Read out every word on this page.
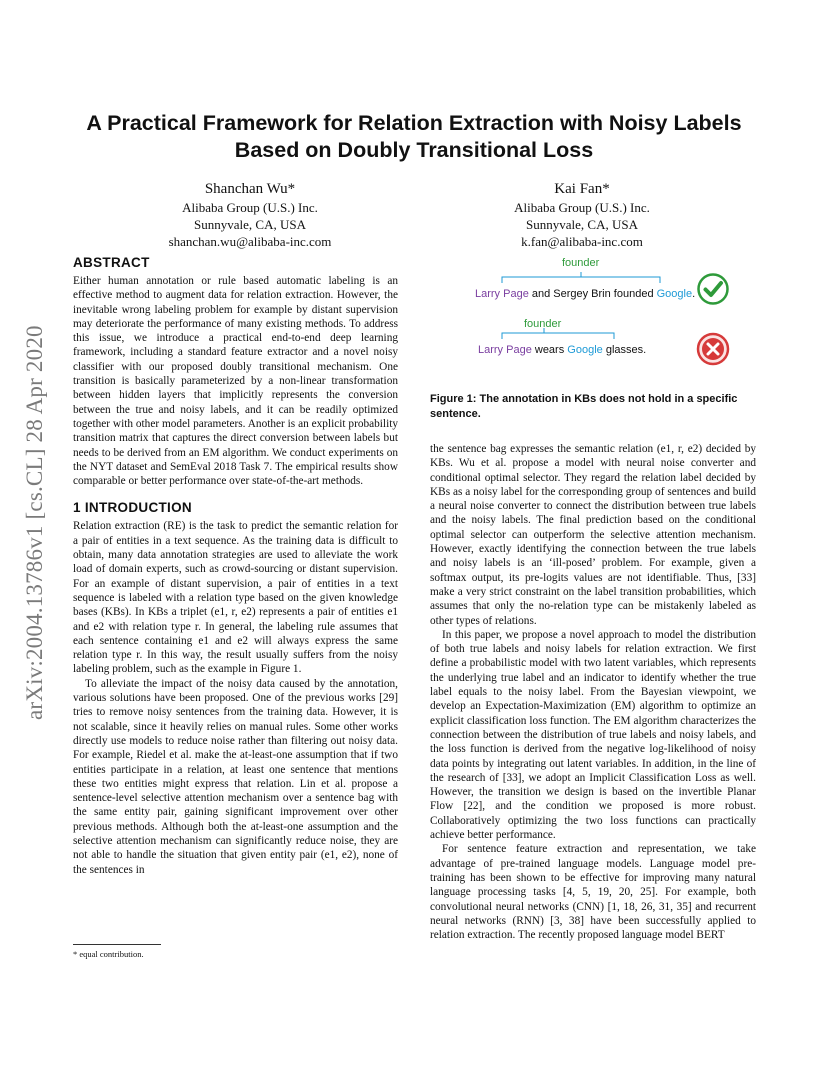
arXiv:2004.13786v1 [cs.CL] 28 Apr 2020
A Practical Framework for Relation Extraction with Noisy Labels
Based on Doubly Transitional Loss
Shanchan Wu*
Alibaba Group (U.S.) Inc.
Sunnyvale, CA, USA
shanchan.wu@alibaba-inc.com
Kai Fan*
Alibaba Group (U.S.) Inc.
Sunnyvale, CA, USA
k.fan@alibaba-inc.com
ABSTRACT

Either human annotation or rule based automatic labeling is an effective method to augment data for relation extraction. However, the inevitable wrong labeling problem for example by distant supervision may deteriorate the performance of many existing methods. To address this issue, we introduce a practical end-to-end deep learning framework, including a standard feature extractor and a novel noisy classifier with our proposed doubly transitional mechanism. One transition is basically parameterized by a non-linear transformation between hidden layers that implicitly represents the conversion between the true and noisy labels, and it can be readily optimized together with other model parameters. Another is an explicit probability transition matrix that captures the direct conversion between labels but needs to be derived from an EM algorithm. We conduct experiments on the NYT dataset and SemEval 2018 Task 7. The empirical results show comparable or better performance over state-of-the-art methods.

1 INTRODUCTION

Relation extraction (RE) is the task to predict the semantic relation for a pair of entities in a text sequence. As the training data is difficult to obtain, many data annotation strategies are used to alleviate the work load of domain experts, such as crowd-sourcing or distant supervision. For an example of distant supervision, a pair of entities in a text sequence is labeled with a relation type based on the given knowledge bases (KBs). In KBs a triplet (e1, r, e2) represents a pair of entities e1 and e2 with relation type r. In general, the labeling rule assumes that each sentence containing e1 and e2 will always express the same relation type r. In this way, the result usually suffers from the noisy labeling problem, such as the example in Figure 1.

To alleviate the impact of the noisy data caused by the annotation, various solutions have been proposed. One of the previous works [29] tries to remove noisy sentences from the training data. However, it is not scalable, since it heavily relies on manual rules. Some other works directly use models to reduce noise rather than filtering out noisy data. For example, Riedel et al. make the at-least-one assumption that if two entities participate in a relation, at least one sentence that mentions these two entities might express that relation. Lin et al. propose a sentence-level selective attention mechanism over a sentence bag with the same entity pair, gaining significant improvement over other previous methods. Although both the at-least-one assumption and the selective attention mechanism can significantly reduce noise, they are not able to handle the situation that given entity pair (e1, e2), none of the sentences in

founder
Larry Page and Sergey Brin founded Google.
founder
Larry Page wears Google glasses.
Figure 1: The annotation in KBs does not hold in a specific sentence.

the sentence bag expresses the semantic relation (e1, r, e2) decided by KBs. Wu et al. propose a model with neural noise converter and conditional optimal selector. They regard the relation label decided by KBs as a noisy label for the corresponding group of sentences and build a neural noise converter to connect the distribution between true labels and the noisy labels. The final prediction based on the conditional optimal selector can outperform the selective attention mechanism. However, exactly identifying the connection between the true labels and noisy labels is an ‘ill-posed’ problem. For example, given a softmax output, its pre-logits values are not identifiable. Thus, [33] make a very strict constraint on the label transition probabilities, which assumes that only the no-relation type can be mistakenly labeled as other types of relations.

In this paper, we propose a novel approach to model the distribution of both true labels and noisy labels for relation extraction. We first define a probabilistic model with two latent variables, which represents the underlying true label and an indicator to identify whether the true label equals to the noisy label. From the Bayesian viewpoint, we develop an Expectation-Maximization (EM) algorithm to optimize an explicit classification loss function. The EM algorithm characterizes the connection between the distribution of true labels and noisy labels, and the loss function is derived from the negative log-likelihood of noisy data points by integrating out latent variables. In addition, in the line of the research of [33], we adopt an Implicit Classification Loss as well. However, the transition we design is based on the invertible Planar Flow [22], and the condition we proposed is more robust. Collaboratively optimizing the two loss functions can practically achieve better performance.

For sentence feature extraction and representation, we take advantage of pre-trained language models. Language model pre-training has been shown to be effective for improving many natural language processing tasks [4, 5, 19, 20, 25]. For example, both convolutional neural networks (CNN) [1, 18, 26, 31, 35] and recurrent neural networks (RNN) [3, 38] have been successfully applied to relation extraction. The recently proposed language model BERT

* equal contribution.
